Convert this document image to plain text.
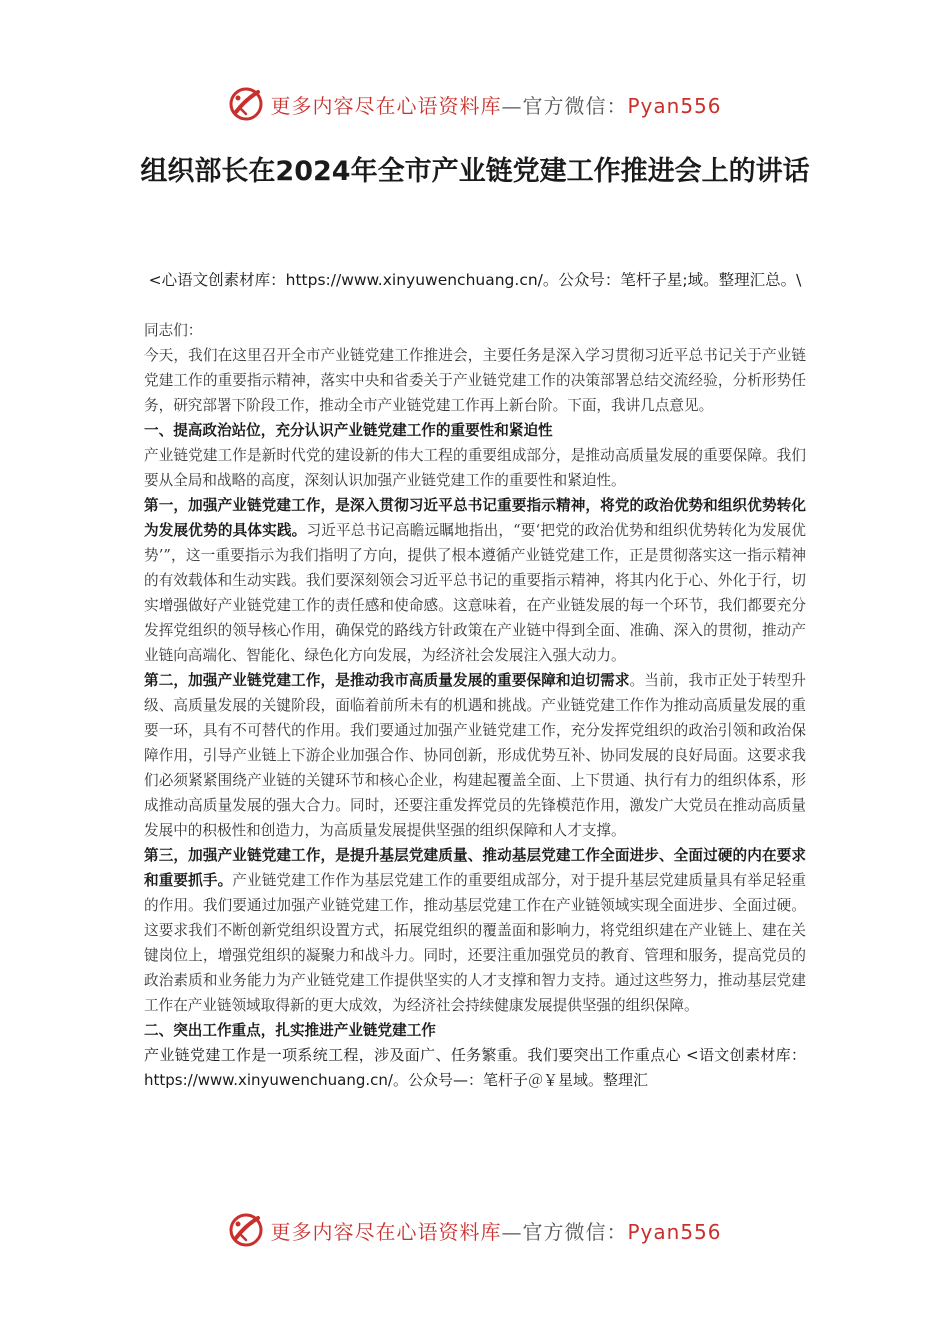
更多内容尽在心语资料库—官方微信：Pyan556
组织部长在2024年全市产业链党建工作推进会上的讲话

<心语文创素材库：https://www.xinyuwenchuang.cn/。公众号：笔杆子星;域。整理汇总。\

同志们：

今天，我们在这里召开全市产业链党建工作推进会，主要任务是深入学习贯彻习近平总书记关于产业链党建工作的重要指示精神，落实中央和省委关于产业链党建工作的决策部署总结交流经验，分析形势任务，研究部署下阶段工作，推动全市产业链党建工作再上新台阶。下面，我讲几点意见。

一、提高政治站位，充分认识产业链党建工作的重要性和紧迫性

产业链党建工作是新时代党的建设新的伟大工程的重要组成部分，是推动高质量发展的重要保障。我们要从全局和战略的高度，深刻认识加强产业链党建工作的重要性和紧迫性。

第一，加强产业链党建工作，是深入贯彻习近平总书记重要指示精神，将党的政治优势和组织优势转化为发展优势的具体实践。习近平总书记高瞻远瞩地指出，“要‘把党的政治优势和组织优势转化为发展优势’”，这一重要指示为我们指明了方向，提供了根本遵循产业链党建工作，正是贯彻落实这一指示精神的有效载体和生动实践。我们要深刻领会习近平总书记的重要指示精神，将其内化于心、外化于行，切实增强做好产业链党建工作的责任感和使命感。这意味着，在产业链发展的每一个环节，我们都要充分发挥党组织的领导核心作用，确保党的路线方针政策在产业链中得到全面、准确、深入的贯彻，推动产业链向高端化、智能化、绿色化方向发展，为经济社会发展注入强大动力。

第二，加强产业链党建工作，是推动我市高质量发展的重要保障和迫切需求。当前，我市正处于转型升级、高质量发展的关键阶段，面临着前所未有的机遇和挑战。产业链党建工作作为推动高质量发展的重要一环，具有不可替代的作用。我们要通过加强产业链党建工作，充分发挥党组织的政治引领和政治保障作用，引导产业链上下游企业加强合作、协同创新，形成优势互补、协同发展的良好局面。这要求我们必须紧紧围绕产业链的关键环节和核心企业，构建起覆盖全面、上下贯通、执行有力的组织体系，形成推动高质量发展的强大合力。同时，还要注重发挥党员的先锋模范作用，激发广大党员在推动高质量发展中的积极性和创造力，为高质量发展提供坚强的组织保障和人才支撑。

第三，加强产业链党建工作，是提升基层党建质量、推动基层党建工作全面进步、全面过硬的内在要求和重要抓手。产业链党建工作作为基层党建工作的重要组成部分，对于提升基层党建质量具有举足轻重的作用。我们要通过加强产业链党建工作，推动基层党建工作在产业链领域实现全面进步、全面过硬。这要求我们不断创新党组织设置方式，拓展党组织的覆盖面和影响力，将党组织建在产业链上、建在关键岗位上，增强党组织的凝聚力和战斗力。同时，还要注重加强党员的教育、管理和服务，提高党员的政治素质和业务能力为产业链党建工作提供坚实的人才支撑和智力支持。通过这些努力，推动基层党建工作在产业链领域取得新的更大成效，为经济社会持续健康发展提供坚强的组织保障。

二、突出工作重点，扎实推进产业链党建工作

产业链党建工作是一项系统工程，涉及面广、任务繁重。我们要突出工作重点心 <语文创素材库：https://www.xinyuwenchuang.cn/。公众号—：笔杆子＠￥星域。整理汇

更多内容尽在心语资料库—官方微信：Pyan556
